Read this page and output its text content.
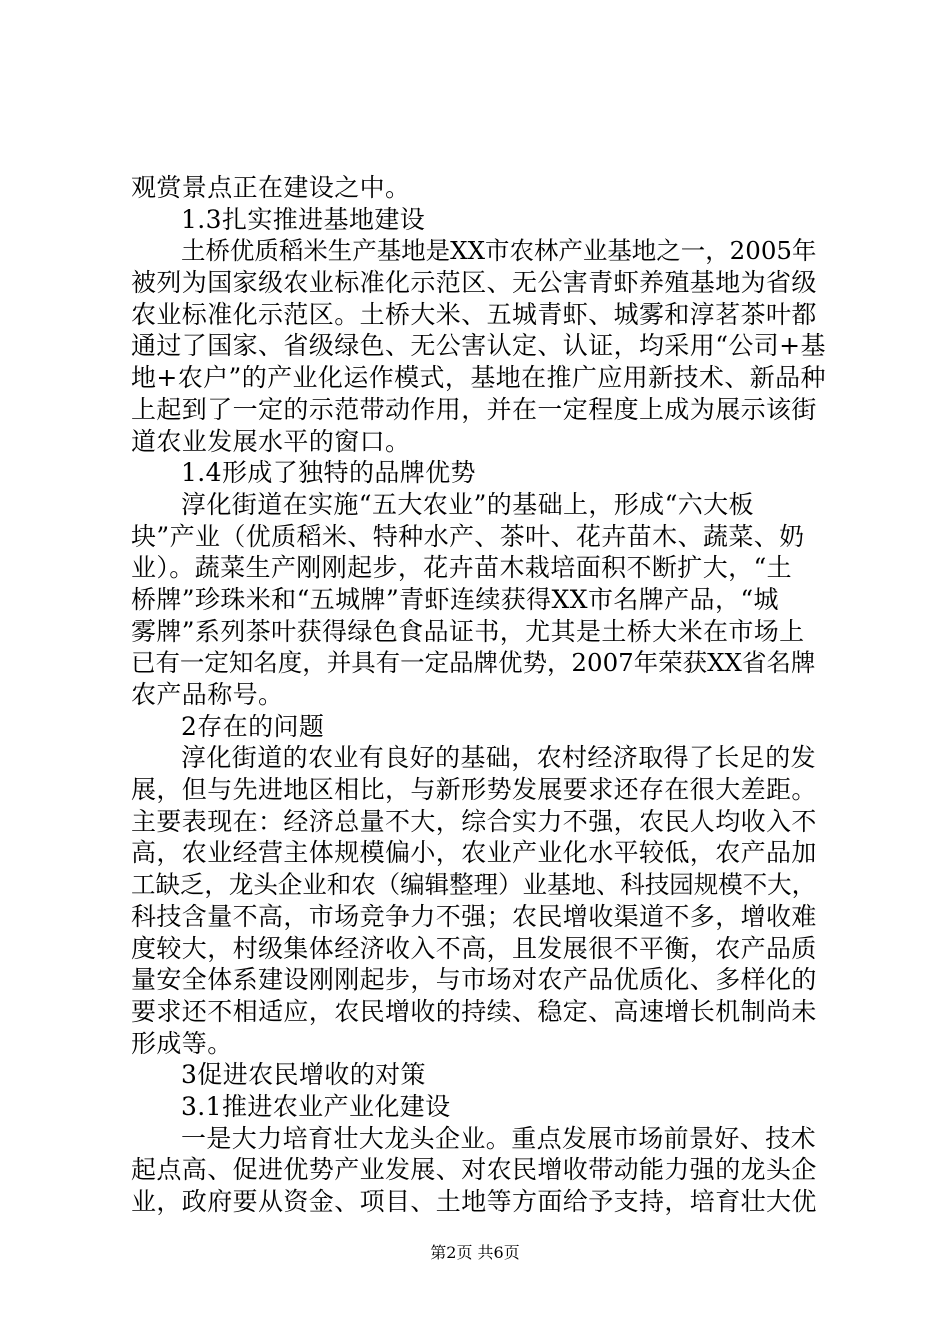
观赏景点正在建设之中。
1.3扎实推进基地建设
土桥优质稻米生产基地是XX市农林产业基地之一，2005年
被列为国家级农业标准化示范区、无公害青虾养殖基地为省级
农业标准化示范区。土桥大米、五城青虾、城雾和淳茗茶叶都
通过了国家、省级绿色、无公害认定、认证，均采用“公司+基
地+农户”的产业化运作模式，基地在推广应用新技术、新品种
上起到了一定的示范带动作用，并在一定程度上成为展示该街
道农业发展水平的窗口。
1.4形成了独特的品牌优势
淳化街道在实施“五大农业”的基础上，形成“六大板
块”产业（优质稻米、特种水产、茶叶、花卉苗木、蔬菜、奶
业）。蔬菜生产刚刚起步，花卉苗木栽培面积不断扩大，“土
桥牌”珍珠米和“五城牌”青虾连续获得XX市名牌产品，“城
雾牌”系列茶叶获得绿色食品证书，尤其是土桥大米在市场上
已有一定知名度，并具有一定品牌优势，2007年荣获XX省名牌
农产品称号。
2存在的问题
淳化街道的农业有良好的基础，农村经济取得了长足的发
展，但与先进地区相比，与新形势发展要求还存在很大差距。
主要表现在：经济总量不大，综合实力不强，农民人均收入不
高，农业经营主体规模偏小，农业产业化水平较低，农产品加
工缺乏，龙头企业和农（编辑整理）业基地、科技园规模不大，
科技含量不高，市场竞争力不强；农民增收渠道不多，增收难
度较大，村级集体经济收入不高，且发展很不平衡，农产品质
量安全体系建设刚刚起步，与市场对农产品优质化、多样化的
要求还不相适应，农民增收的持续、稳定、高速增长机制尚未
形成等。
3促进农民增收的对策
3.1推进农业产业化建设
一是大力培育壮大龙头企业。重点发展市场前景好、技术
起点高、促进优势产业发展、对农民增收带动能力强的龙头企
业，政府要从资金、项目、土地等方面给予支持，培育壮大优
第2页 共6页
